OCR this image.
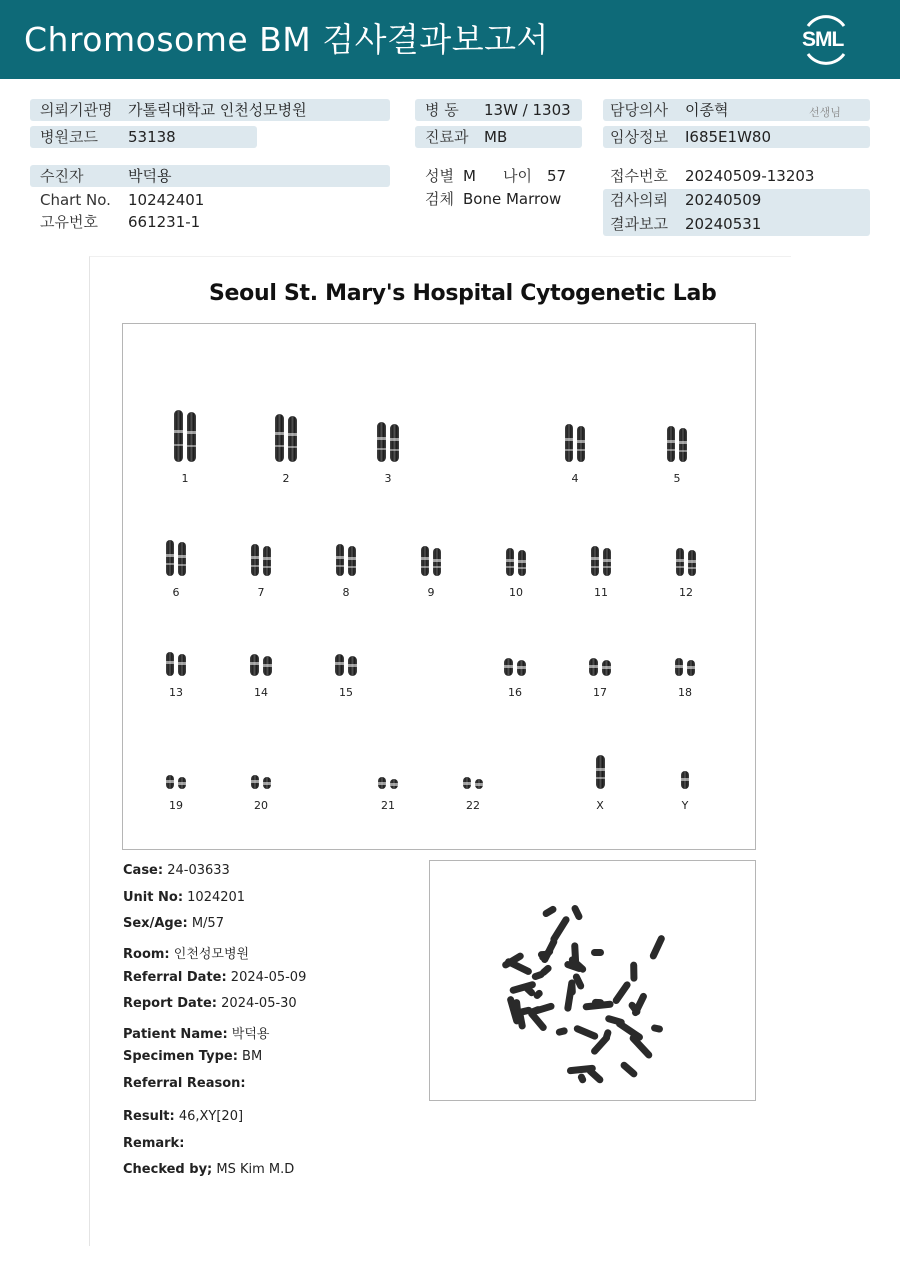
Chromosome BM 검사결과보고서	SML
의뢰기관명 가톨릭대학교 인천성모병원
병원코드 53138
병 동 13W / 1303
진료과 MB
담당의사 이종혁	선생님
임상정보 I685E1W80
수진자	박덕용
Chart No. 10242401
고유번호 661231-1
성별 M 나이 57
검체 Bone Marrow
접수번호 20240509-13203
검사의뢰 20240509
결과보고 20240531
Seoul St. Mary's Hospital Cytogenetic Lab
1	2	3	4	5
6	7	8	9	10	11	12
13	14	15	16	17	18
19	20	21	22	X	Y
Case: 24-03633
Unit No: 1024201
Sex/Age: M/57
Room: 인천성모병원
Referral Date: 2024-05-09
Report Date: 2024-05-30
Patient Name: 박덕용
Specimen Type: BM
Referral Reason:
Result: 46,XY[20]
Remark:
Checked by; MS Kim M.D
